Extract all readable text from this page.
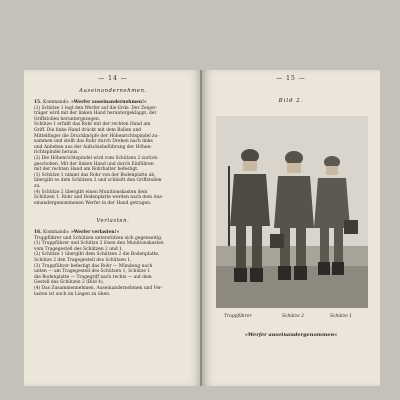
— 14 —
Auseinandernehmen.

15. Kommando: »Werfer auseinandernehmen!«

(1) Schütze 1 legt den Werfer auf die Erde. Der Zeiger-

träger wird mit der linken Hand heruntergeklappt, der

Griffstollen heruntergezogen.

Schütze 1 erfaßt das Rohr mit der rechten Hand am

Griff. Die linke Hand drückt mit dem Ballen und

Mittelfinger die Druckknöpfe der Höhenrichtspindel zu-

sammen und stellt das Rohr durch Drehen nach links

und Anheben aus der Aufschiebeführung der Höhen-

richtspindel heraus.

(2) Die Höhenrichtspindel wird vom Schützen 2 zurück-

geschoben. Mit der linken Hand und durch Einführen

mit der rechten Hand am Rohrhalter befestigt.

(3) Schütze 1 nimmt das Rohr von der Bodenplatte ab,

übergibt es dem Schützen 2 und schließt den Griffstollen

zu.

(4) Schütze 2 übergibt einen Munitionskasten dem

Schützen 1. Rohr und Bodenplatte werden nach dem Aus-

einandergenommenen Werfer in der Hand getragen.

Verlasten.

16. Kommando: »Werfer verlasten!«

Truppführer und Schützen unterstützen sich gegenseitig.

(1) Truppführer und Schütze 2 lösen den Munitionskasten

vom Tragegestell des Schützen 2 und 1.

(2) Schütze 1 übergibt dem Schützen 2 die Bodenplatte,

Schütze 2 den Tragegestell des Schützen 1.

(3) Truppführer befestigt das Rohr — Mündung nach

unten — am Tragegestell des Schützen 1, Schütze 1

die Bodenplatte — Tragegriff nach rechts — auf dem

Gestell des Schützen 2 (Bild 4).

(4) Das Zusammennehmen, Auseinandernehmen und Ver-

lasten ist auch im Liegen zu üben.

— 15 —
Bild 2.
Truppführer	Schütze 2	Schütze 1
»Werfer auseinandergenommen«
